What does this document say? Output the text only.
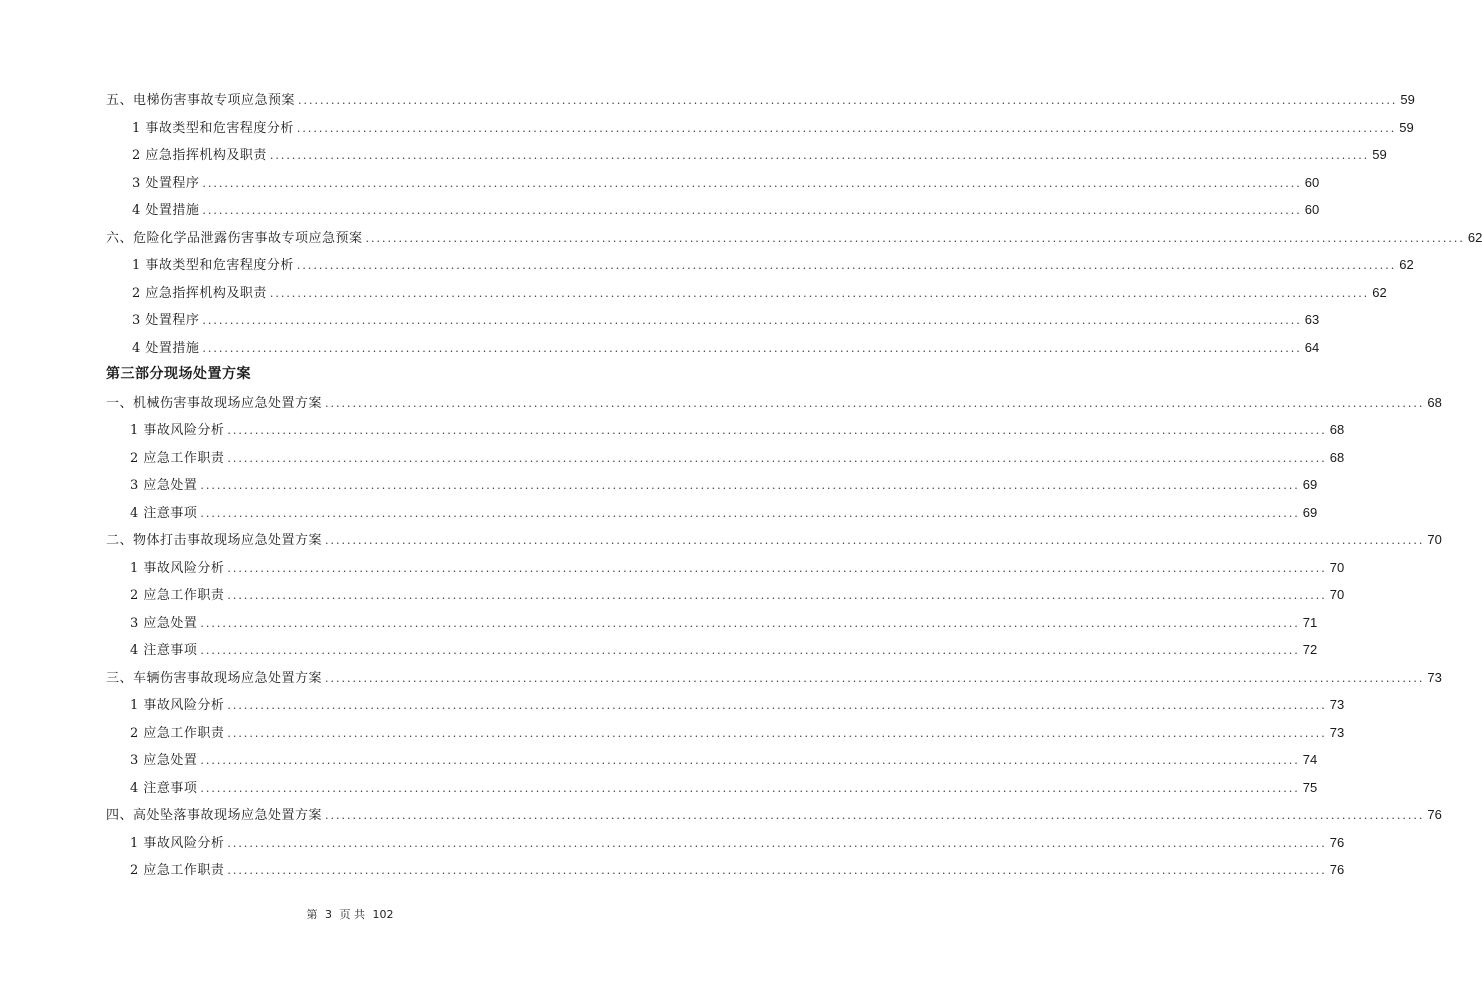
五、电梯伤害事故专项应急预案 ........................................................................................................................................................................................................ 59
1 事故类型和危害程度分析 ........................................................................................................................................................................................................ 59
2 应急指挥机构及职责 ........................................................................................................................................................................................................ 59
3 处置程序 ........................................................................................................................................................................................................ 60
4 处置措施 ........................................................................................................................................................................................................ 60
六、危险化学品泄露伤害事故专项应急预案 ........................................................................................................................................................................................................ 62
1 事故类型和危害程度分析 ........................................................................................................................................................................................................ 62
2 应急指挥机构及职责 ........................................................................................................................................................................................................ 62
3 处置程序 ........................................................................................................................................................................................................ 63
4 处置措施 ........................................................................................................................................................................................................ 64
第三部分现场处置方案
一、机械伤害事故现场应急处置方案 ........................................................................................................................................................................................................ 68
1 事故风险分析 ........................................................................................................................................................................................................ 68
2 应急工作职责 ........................................................................................................................................................................................................ 68
3 应急处置 ........................................................................................................................................................................................................ 69
4 注意事项 ........................................................................................................................................................................................................ 69
二、物体打击事故现场应急处置方案 ........................................................................................................................................................................................................ 70
1 事故风险分析 ........................................................................................................................................................................................................ 70
2 应急工作职责 ........................................................................................................................................................................................................ 70
3 应急处置 ........................................................................................................................................................................................................ 71
4 注意事项 ........................................................................................................................................................................................................ 72
三、车辆伤害事故现场应急处置方案 ........................................................................................................................................................................................................ 73
1 事故风险分析 ........................................................................................................................................................................................................ 73
2 应急工作职责 ........................................................................................................................................................................................................ 73
3 应急处置 ........................................................................................................................................................................................................ 74
4 注意事项 ........................................................................................................................................................................................................ 75
四、高处坠落事故现场应急处置方案 ........................................................................................................................................................................................................ 76
1 事故风险分析 ........................................................................................................................................................................................................ 76
2 应急工作职责 ........................................................................................................................................................................................................ 76
第 3 页 共 102
